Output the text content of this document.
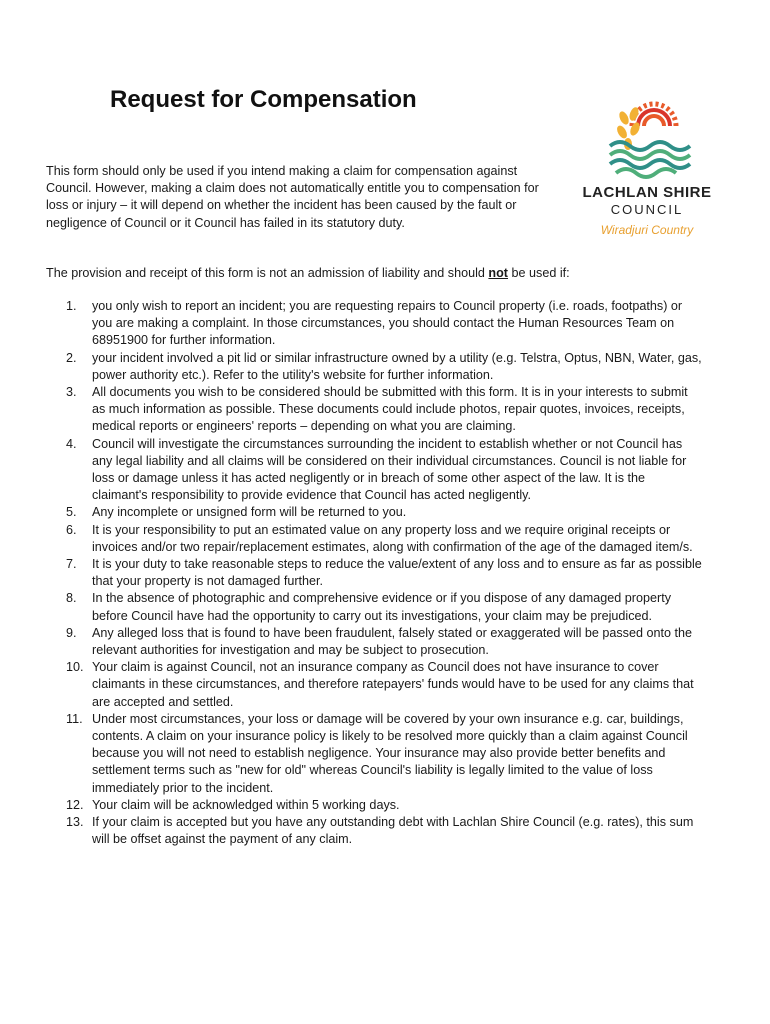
Request for Compensation
LACHLAN SHIRE
COUNCIL
Wiradjuri Country

This form should only be used if you intend making a claim for compensation against Council. However, making a claim does not automatically entitle you to compensation for loss or injury – it will depend on whether the incident has been caused by the fault or negligence of Council or it Council has failed in its statutory duty.

The provision and receipt of this form is not an admission of liability and should not be used if:

1. you only wish to report an incident; you are requesting repairs to Council property (i.e. roads, footpaths) or you are making a complaint. In those circumstances, you should contact the Human Resources Team on 68951900 for further information.
2. your incident involved a pit lid or similar infrastructure owned by a utility (e.g. Telstra, Optus, NBN, Water, gas, power authority etc.). Refer to the utility's website for further information.
3. All documents you wish to be considered should be submitted with this form. It is in your interests to submit as much information as possible. These documents could include photos, repair quotes, invoices, receipts, medical reports or engineers' reports – depending on what you are claiming.
4. Council will investigate the circumstances surrounding the incident to establish whether or not Council has any legal liability and all claims will be considered on their individual circumstances. Council is not liable for loss or damage unless it has acted negligently or in breach of some other aspect of the law. It is the claimant's responsibility to provide evidence that Council has acted negligently.
5. Any incomplete or unsigned form will be returned to you.
6. It is your responsibility to put an estimated value on any property loss and we require original receipts or invoices and/or two repair/replacement estimates, along with confirmation of the age of the damaged item/s.
7. It is your duty to take reasonable steps to reduce the value/extent of any loss and to ensure as far as possible that your property is not damaged further.
8. In the absence of photographic and comprehensive evidence or if you dispose of any damaged property before Council have had the opportunity to carry out its investigations, your claim may be prejudiced.
9. Any alleged loss that is found to have been fraudulent, falsely stated or exaggerated will be passed onto the relevant authorities for investigation and may be subject to prosecution.
10. Your claim is against Council, not an insurance company as Council does not have insurance to cover claimants in these circumstances, and therefore ratepayers' funds would have to be used for any claims that are accepted and settled.
11. Under most circumstances, your loss or damage will be covered by your own insurance e.g. car, buildings, contents. A claim on your insurance policy is likely to be resolved more quickly than a claim against Council because you will not need to establish negligence. Your insurance may also provide better benefits and settlement terms such as "new for old" whereas Council's liability is legally limited to the value of loss immediately prior to the incident.
12. Your claim will be acknowledged within 5 working days.
13. If your claim is accepted but you have any outstanding debt with Lachlan Shire Council (e.g. rates), this sum will be offset against the payment of any claim.
